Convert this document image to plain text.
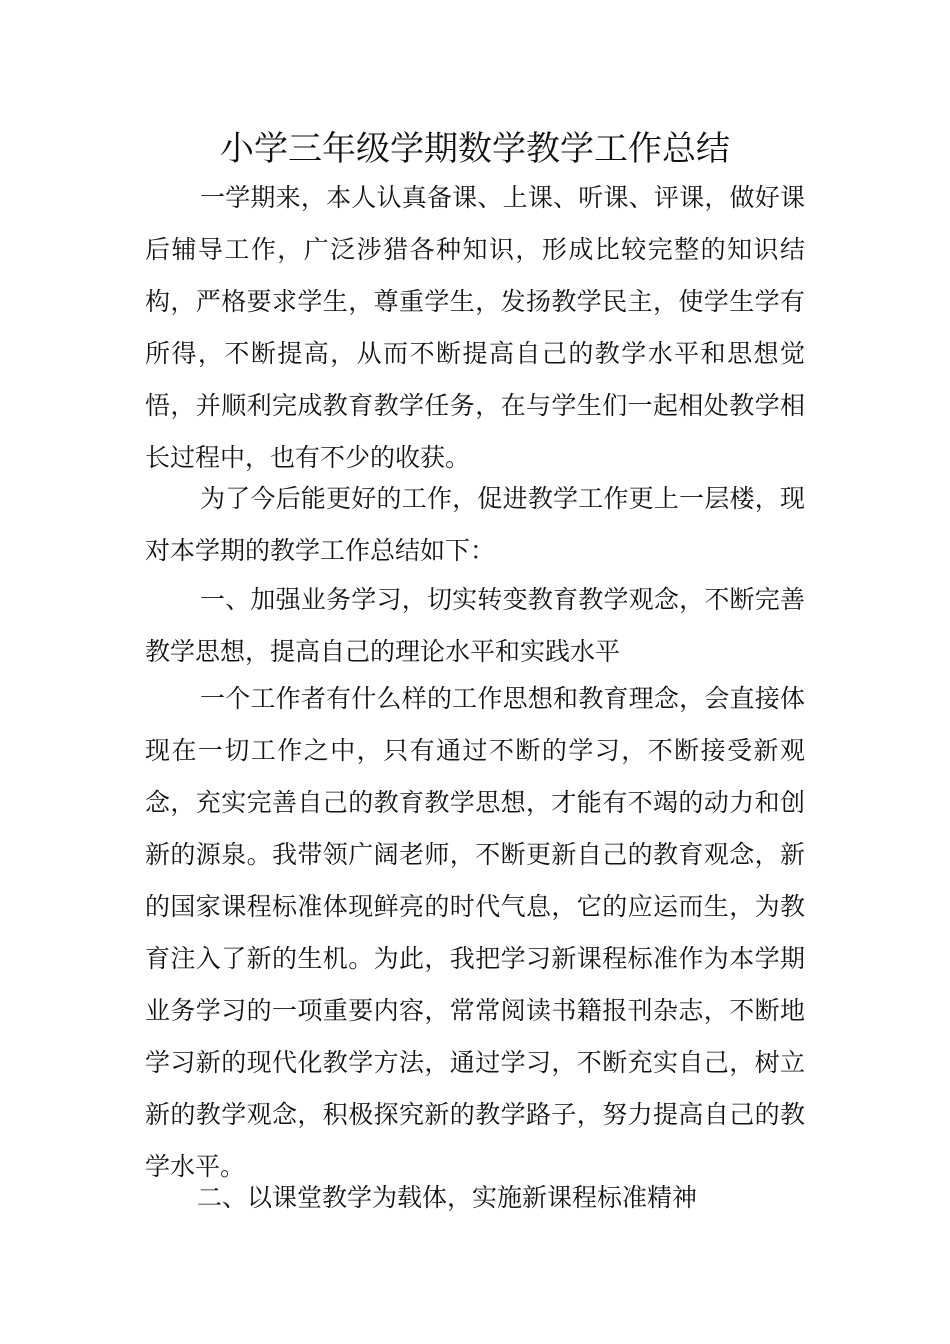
小学三年级学期数学教学工作总结

一学期来，本人认真备课、上课、听课、评课，做好课后辅导工作，广泛涉猎各种知识，形成比较完整的知识结构，严格要求学生，尊重学生，发扬教学民主，使学生学有所得，不断提高，从而不断提高自己的教学水平和思想觉悟，并顺利完成教育教学任务，在与学生们一起相处教学相长过程中，也有不少的收获。

为了今后能更好的工作，促进教学工作更上一层楼，现对本学期的教学工作总结如下：

一、加强业务学习，切实转变教育教学观念，不断完善教学思想，提高自己的理论水平和实践水平

一个工作者有什么样的工作思想和教育理念，会直接体现在一切工作之中，只有通过不断的学习，不断接受新观念，充实完善自己的教育教学思想，才能有不竭的动力和创新的源泉。我带领广阔老师，不断更新自己的教育观念，新的国家课程标准体现鲜亮的时代气息，它的应运而生，为教育注入了新的生机。为此，我把学习新课程标准作为本学期业务学习的一项重要内容，常常阅读书籍报刊杂志，不断地学习新的现代化教学方法，通过学习，不断充实自己，树立新的教学观念，积极探究新的教学路子，努力提高自己的教学水平。

二、以课堂教学为载体，实施新课程标准精神
